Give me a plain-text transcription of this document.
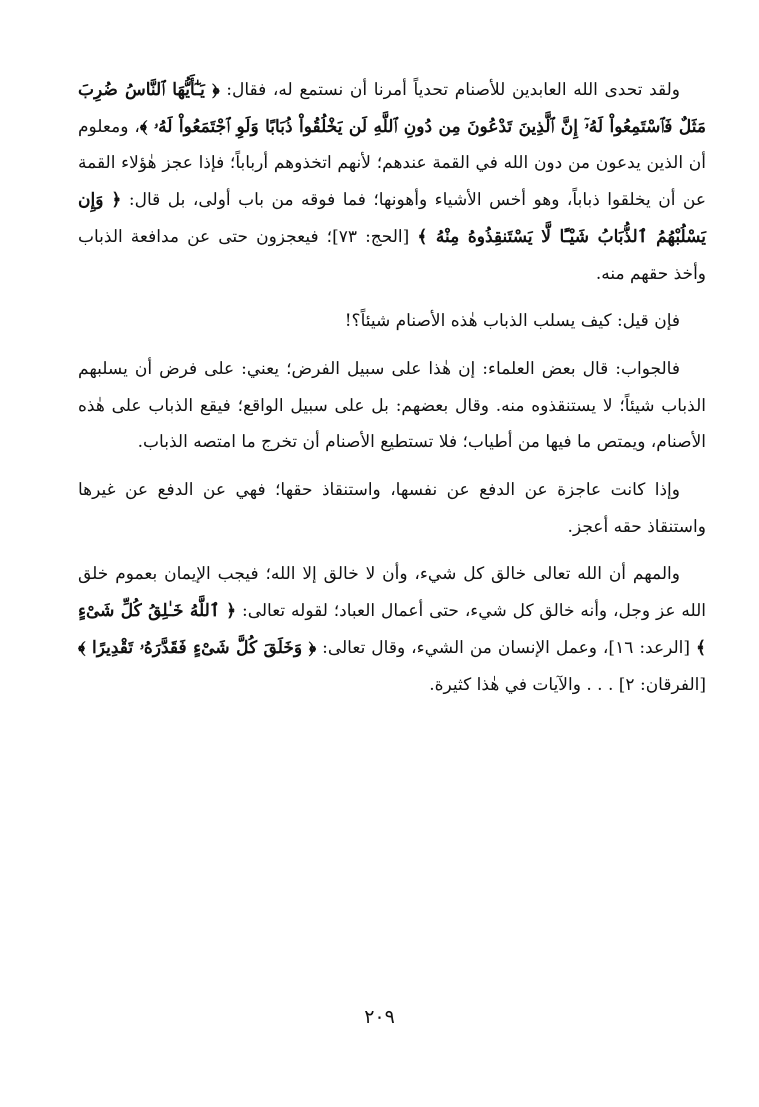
ولقد تحدى الله العابدين للأصنام تحدياً أمرنا أن نستمع له، فقال: ﴿ يَـٰٓأَيُّهَا ٱلنَّاسُ ضُرِبَ مَثَلٌ فَٱسْتَمِعُواْ لَهُۥٓ إِنَّ ٱلَّذِينَ تَدْعُونَ مِن دُونِ ٱللَّهِ لَن يَخْلُقُواْ ذُبَابًا وَلَوِ ٱجْتَمَعُواْ لَهُۥ ﴾، ومعلوم أن الذين يدعون من دون الله في القمة عندهم؛ لأنهم اتخذوهم أرباباً؛ فإذا عجز هٰؤلاء القمة عن أن يخلقوا ذباباً، وهو أخس الأشياء وأهونها؛ فما فوقه من باب أولى، بل قال: ﴿ وَإِن يَسْلُبْهُمُ ٱلذُّبَابُ شَيْـًٔا لَّا يَسْتَنقِذُوهُ مِنْهُ ﴾ [الحج: ٧٣]؛ فيعجزون حتى عن مدافعة الذباب وأخذ حقهم منه.

فإن قيل: كيف يسلب الذباب هٰذه الأصنام شيئاً؟!

فالجواب: قال بعض العلماء: إن هٰذا على سبيل الفرض؛ يعني: على فرض أن يسلبهم الذباب شيئاً؛ لا يستنقذوه منه. وقال بعضهم: بل على سبيل الواقع؛ فيقع الذباب على هٰذه الأصنام، ويمتص ما فيها من أطياب؛ فلا تستطيع الأصنام أن تخرج ما امتصه الذباب.

وإذا كانت عاجزة عن الدفع عن نفسها، واستنقاذ حقها؛ فهي عن الدفع عن غيرها واستنقاذ حقه أعجز.

والمهم أن الله تعالى خالق كل شيء، وأن لا خالق إلا الله؛ فيجب الإيمان بعموم خلق الله عز وجل، وأنه خالق كل شيء، حتى أعمال العباد؛ لقوله تعالى: ﴿ ٱللَّهُ خَـٰلِقُ كُلِّ شَىْءٍ ﴾ [الرعد: ١٦]، وعمل الإنسان من الشيء، وقال تعالى: ﴿ وَخَلَقَ كُلَّ شَىْءٍ فَقَدَّرَهُۥ تَقْدِيرًا ﴾ [الفرقان: ٢] . . . والآيات في هٰذا كثيرة.

٢٠٩
